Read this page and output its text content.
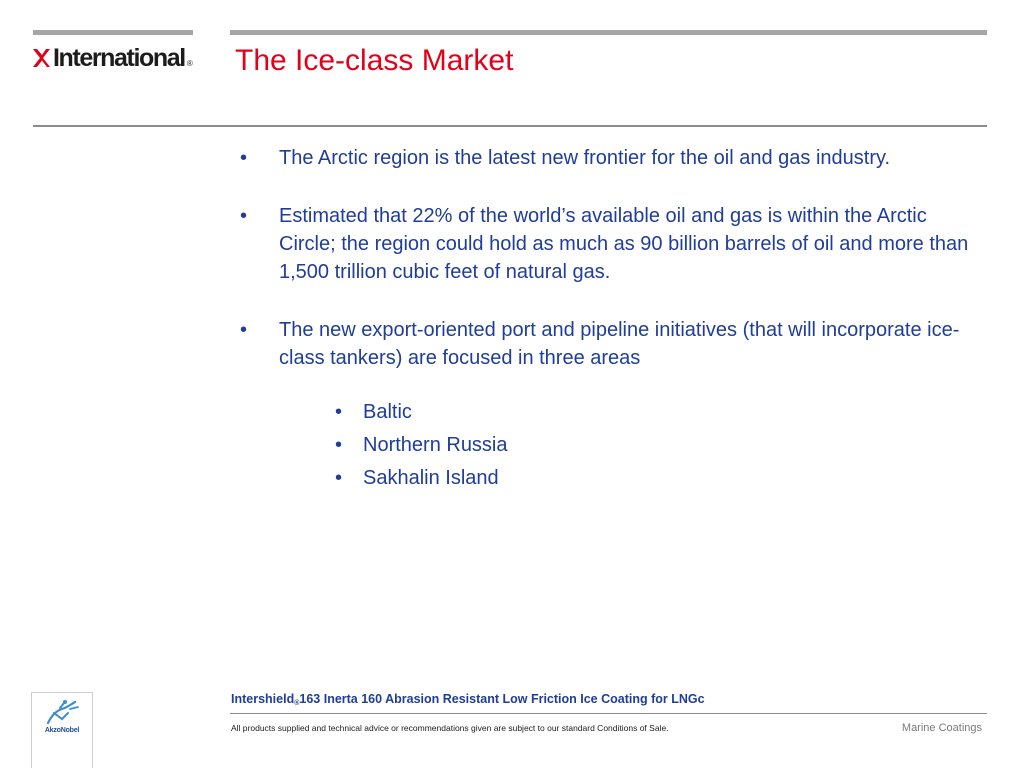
International ® The Ice-class Market
•	The Arctic region is the latest new frontier for the oil and gas industry.
•	Estimated that 22% of the world’s available oil and gas is within the Arctic Circle; the region could hold as much as 90 billion barrels of oil and more than 1,500 trillion cubic feet of natural gas.
•	The new export-oriented port and pipeline initiatives (that will incorporate ice-class tankers) are focused in three areas
•	Baltic
•	Northern Russia
•	Sakhalin Island
AkzoNobel
Intershield$_®$163 Inerta 160 Abrasion Resistant Low Friction Ice Coating for LNGc
All products supplied and technical advice or recommendations given are subject to our standard Conditions of Sale.	Marine Coatings
